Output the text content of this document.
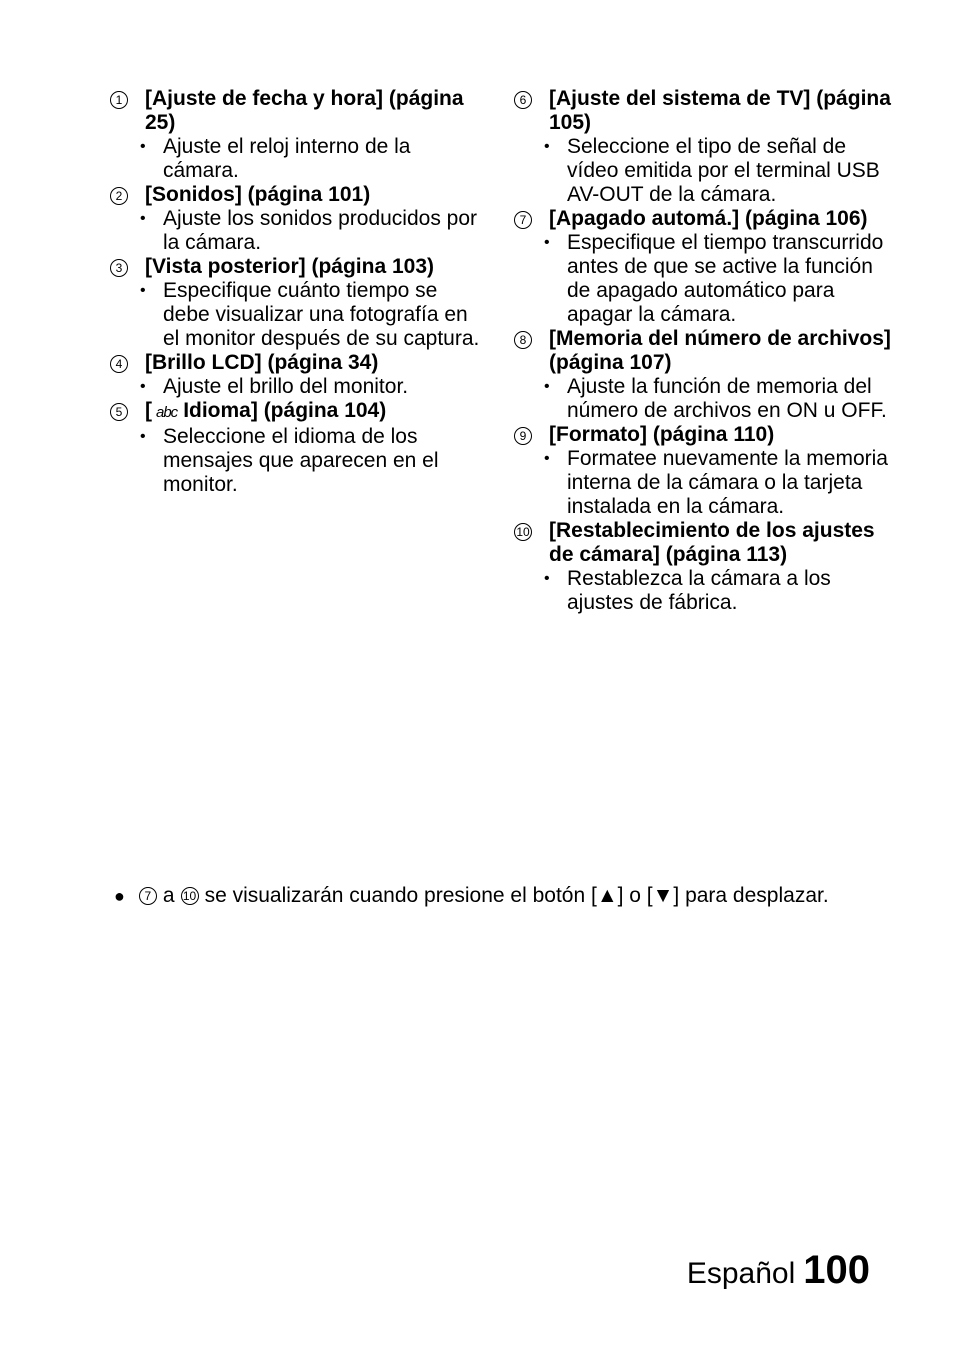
1 [Ajuste de fecha y hora] (página 25)
• Ajuste el reloj interno de la cámara.
2 [Sonidos] (página 101)
• Ajuste los sonidos producidos por la cámara.
3 [Vista posterior] (página 103)
• Especifique cuánto tiempo se debe visualizar una fotografía en el monitor después de su captura.
4 [Brillo LCD] (página 34)
• Ajuste el brillo del monitor.
5 [ abc Idioma] (página 104)
• Seleccione el idioma de los mensajes que aparecen en el monitor.
6 [Ajuste del sistema de TV] (página 105)
• Seleccione el tipo de señal de vídeo emitida por el terminal USB AV-OUT de la cámara.
7 [Apagado automá.] (página 106)
• Especifique el tiempo transcurrido antes de que se active la función de apagado automático para apagar la cámara.
8 [Memoria del número de archivos] (página 107)
• Ajuste la función de memoria del número de archivos en ON u OFF.
9 [Formato] (página 110)
• Formatee nuevamente la memoria interna de la cámara o la tarjeta instalada en la cámara.
10 [Restablecimiento de los ajustes de cámara] (página 113)
• Restablezca la cámara a los ajustes de fábrica.
●	7 a 10 se visualizarán cuando presione el botón [▲] o [▼] para desplazar.
Español 100
